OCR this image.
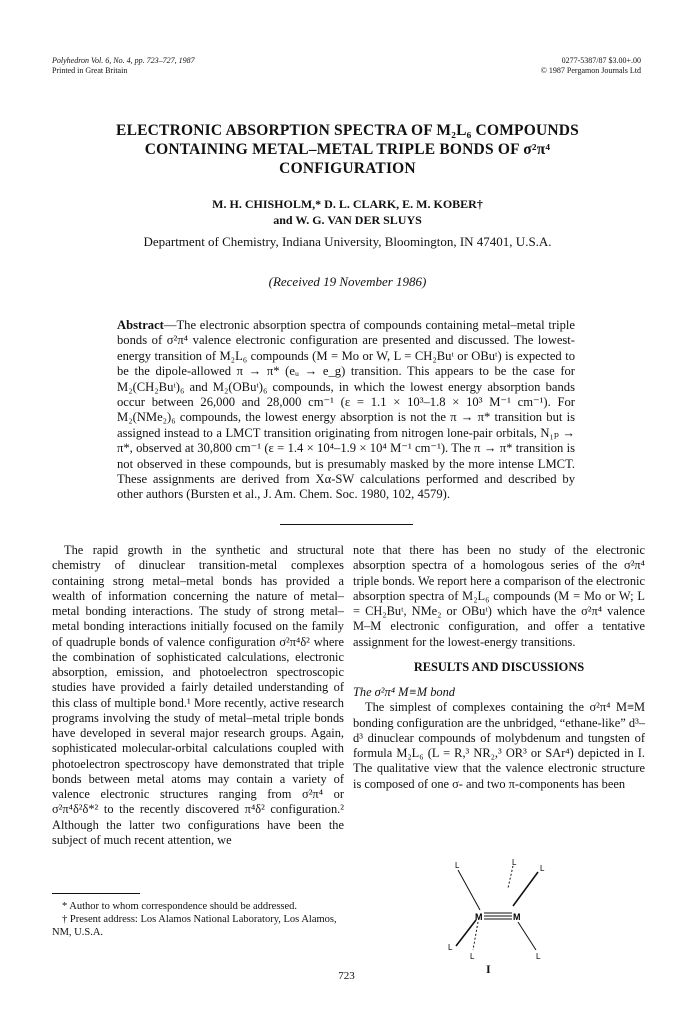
Polyhedron Vol. 6, No. 4, pp. 723–727, 1987
Printed in Great Britain
0277-5387/87 $3.00+.00
© 1987 Pergamon Journals Ltd
ELECTRONIC ABSORPTION SPECTRA OF M₂L₆ COMPOUNDS
CONTAINING METAL–METAL TRIPLE BONDS OF σ²π⁴
CONFIGURATION
M. H. CHISHOLM,* D. L. CLARK, E. M. KOBER†
and W. G. VAN DER SLUYS
Department of Chemistry, Indiana University, Bloomington, IN 47401, U.S.A.
(Received 19 November 1986)
Abstract—The electronic absorption spectra of compounds containing metal–metal triple bonds of σ²π⁴ valence electronic configuration are presented and discussed. The lowest-energy transition of M₂L₆ compounds (M = Mo or W, L = CH₂Buᵗ or OBuᵗ) is expected to be the dipole-allowed π → π* (eᵤ → e_g) transition. This appears to be the case for M₂(CH₂Buᵗ)₆ and M₂(OBuᵗ)₆ compounds, in which the lowest energy absorption bands occur between 26,000 and 28,000 cm⁻¹ (ε = 1.1 × 10³–1.8 × 10³ M⁻¹ cm⁻¹). For M₂(NMe₂)₆ compounds, the lowest energy absorption is not the π → π* transition but is assigned instead to a LMCT transition originating from nitrogen lone-pair orbitals, N₁ₚ → π*, observed at 30,800 cm⁻¹ (ε = 1.4 × 10⁴–1.9 × 10⁴ M⁻¹ cm⁻¹). The π → π* transition is not observed in these compounds, but is presumably masked by the more intense LMCT. These assignments are derived from Xα-SW calculations performed and described by other authors (Bursten et al., J. Am. Chem. Soc. 1980, 102, 4579).

The rapid growth in the synthetic and structural chemistry of dinuclear transition-metal complexes containing strong metal–metal bonds has provided a wealth of information concerning the nature of metal–metal bonding interactions. The study of strong metal–metal bonding interactions initially focused on the family of quadruple bonds of valence configuration σ²π⁴δ² where the combination of sophisticated calculations, electronic absorption, emission, and photoelectron spectroscopic studies have provided a fairly detailed understanding of this class of multiple bond.¹ More recently, active research programs involving the study of metal–metal triple bonds have developed in several major research groups. Again, sophisticated molecular-orbital calculations coupled with photoelectron spectroscopy have demonstrated that triple bonds between metal atoms may contain a variety of valence electronic structures ranging from σ²π⁴ or σ²π⁴δ²δ*² to the recently discovered π⁴δ² configuration.² Although the latter two configurations have been the subject of much recent attention, we

note that there has been no study of the electronic absorption spectra of a homologous series of the σ²π⁴ triple bonds. We report here a comparison of the electronic absorption spectra of M₂L₆ compounds (M = Mo or W; L = CH₂Buᵗ, NMe₂ or OBuᵗ) which have the σ²π⁴ valence M–M electronic configuration, and offer a tentative assignment for the lowest-energy transitions.

RESULTS AND DISCUSSIONS

The σ²π⁴ M≡M bond

The simplest of complexes containing the σ²π⁴ M≡M bonding configuration are the unbridged, “ethane-like” d³–d³ dinuclear compounds of molybdenum and tungsten of formula M₂L₆ (L = R,³ NR₂,³ OR³ or SAr⁴) depicted in I. The qualitative view that the valence electronic structure is composed of one σ- and two π-components has been

* Author to whom correspondence should be addressed.

† Present address: Los Alamos National Laboratory, Los Alamos, NM, U.S.A.

M	M
L	L
L
L
L	L
I
723
